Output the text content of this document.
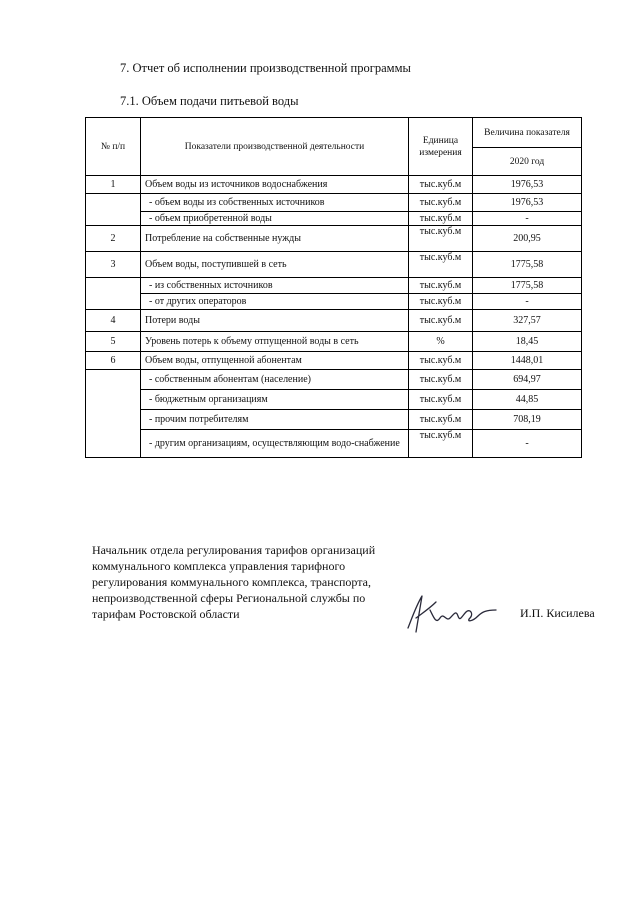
7. Отчет об исполнении производственной программы
7.1. Объем подачи питьевой воды
№ п/п	Показатели производственной деятельности	Единица измерения	Величина показателя
			2020 год
1	Объем воды из источников водоснабжения	тыс.куб.м	1976,53
	- объем воды из собственных источников	тыс.куб.м	1976,53
	- объем приобретенной воды	тыс.куб.м	-
2	Потребление на собственные нужды	тыс.куб.м	200,95
3	Объем воды, поступившей в сеть	тыс.куб.м	1775,58
	- из собственных источников	тыс.куб.м	1775,58
	- от других операторов	тыс.куб.м	-
4	Потери воды	тыс.куб.м	327,57
5	Уровень потерь к объему отпущенной воды в сеть	%	18,45
6	Объем воды, отпущенной абонентам	тыс.куб.м	1448,01
	- собственным абонентам (население)	тыс.куб.м	694,97
	- бюджетным организациям	тыс.куб.м	44,85
	- прочим потребителям	тыс.куб.м	708,19
	- другим организациям, осуществляющим водо-снабжение	тыс.куб.м	-
Начальник отдела регулирования тарифов организаций
коммунального комплекса управления тарифного
регулирования коммунального комплекса, транспорта,
непроизводственной сферы Региональной службы по
тарифам Ростовской области	И.П. Кисилева
